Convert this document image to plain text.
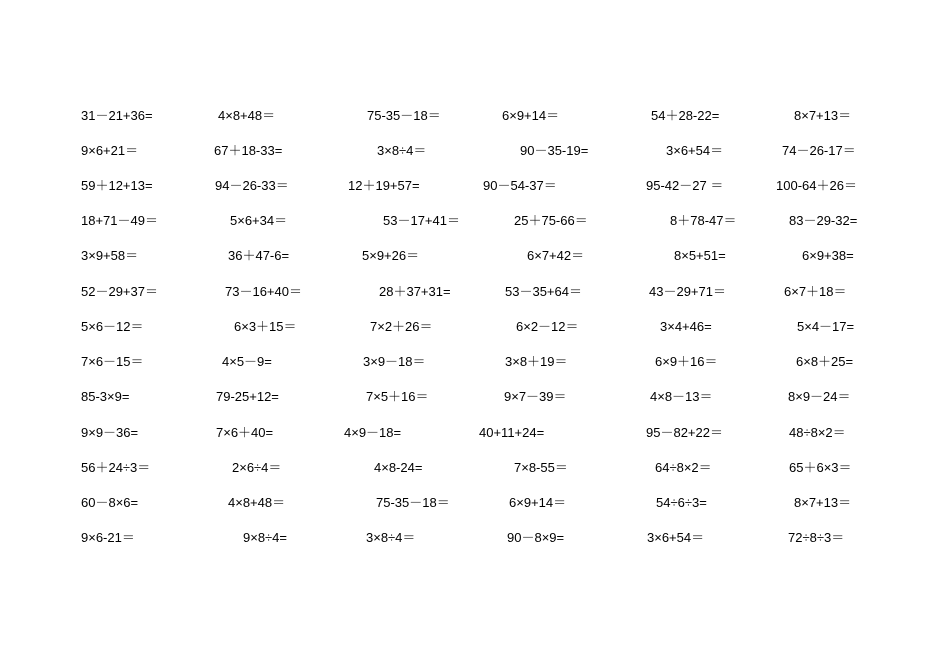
31－21+36=	4×8+48＝	75-35－18＝	6×9+14＝	54＋28-22=	8×7+13＝
9×6+21＝	67＋18-33=	3×8÷4＝	90－35-19=	3×6+54＝	74－26-17＝
59＋12+13=	94－26-33＝	12＋19+57=	90－54-37＝	95-42－27 ＝	100-64＋26＝
18+71－49＝	5×6+34＝	53－17+41＝	25＋75-66＝	8＋78-47＝	83－29-32=
3×9+58＝	36＋47-6=	5×9+26＝	6×7+42＝	8×5+51=	6×9+38=
52－29+37＝	73－16+40＝	28＋37+31=	53－35+64＝	43－29+71＝	6×7＋18＝
5×6－12＝	6×3＋15＝	7×2＋26＝	6×2－12＝	3×4+46=	5×4－17=
7×6－15＝	4×5－9=	3×9－18＝	3×8＋19＝	6×9＋16＝	6×8＋25=
85-3×9=	79-25+12=	7×5＋16＝	9×7－39＝	4×8－13＝	8×9－24＝
9×9－36=	7×6＋40=	4×9－18=	40+11+24=	95－82+22＝	48÷8×2＝
56＋24÷3＝	2×6÷4＝	4×8-24=	7×8-55＝	64÷8×2＝	65＋6×3＝
60－8×6=	4×8+48＝	75-35－18＝	6×9+14＝	54÷6÷3=	8×7+13＝
9×6-21＝	9×8÷4=	3×8÷4＝	90－8×9=	3×6+54＝	72÷8÷3＝
